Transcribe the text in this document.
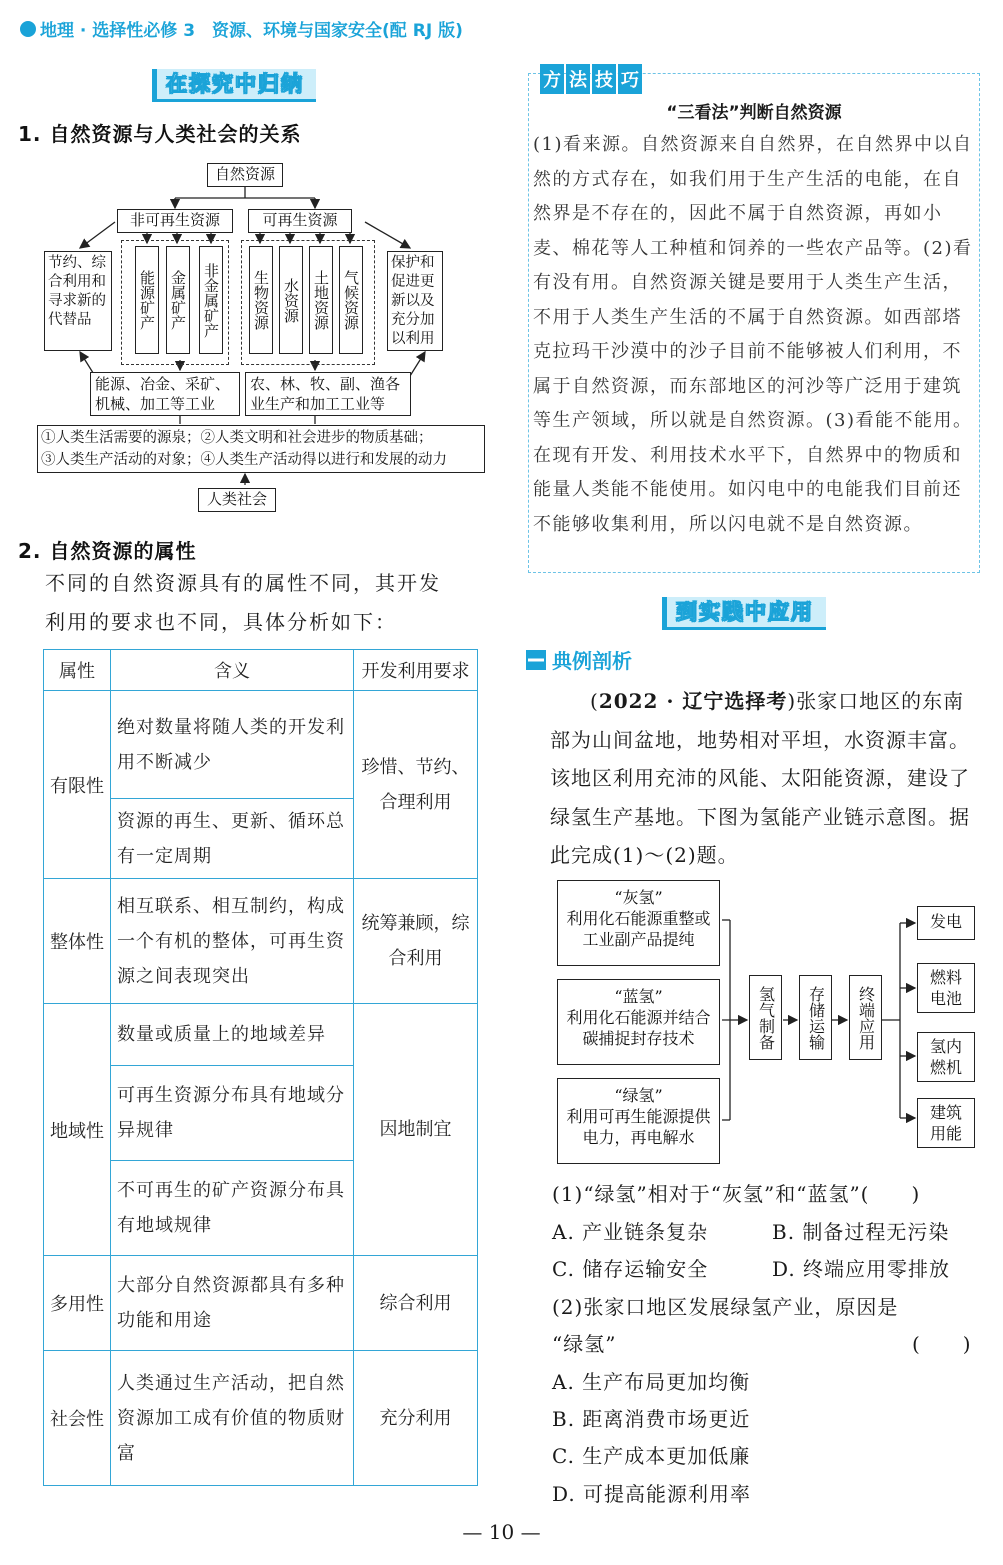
地理 · 选择性必修 3　资源、环境与国家安全(配 RJ 版)
在探究中归纳
1. 自然资源与人类社会的关系
自然资源
非可再生资源	可再生资源
节约、综合利用和寻求新的代替品
保护和促进更新以及充分加以利用
能源矿产 金属矿产 非金属矿产 生物资源 水资源 土地资源 气候资源
能源、冶金、采矿、机械、加工等工业
农、林、牧、副、渔各业生产和加工工业等
①人类生活需要的源泉；②人类文明和社会进步的物质基础；
③人类生产活动的对象；④人类生产活动得以进行和发展的动力
人类社会
2. 自然资源的属性
不同的自然资源具有的属性不同，其开发
利用的要求也不同，具体分析如下：
属性	含义	开发利用要求
有限性	绝对数量将随人类的开发利用不断减少	珍惜、节约、合理利用
	资源的再生、更新、循环总有一定周期	
整体性	相互联系、相互制约，构成一个有机的整体，可再生资源之间表现突出	统筹兼顾，综合利用
地域性	数量或质量上的地域差异	因地制宜
	可再生资源分布具有地域分异规律	
	不可再生的矿产资源分布具有地域规律	
多用性	大部分自然资源都具有多种功能和用途	综合利用
社会性	人类通过生产活动，把自然资源加工成有价值的物质财富	充分利用
方 法 技 巧
“三看法”判断自然资源
(1)看来源。自然资源来自自然界，在自然界中以自然的方式存在，如我们用于生产生活的电能，在自然界是不存在的，因此不属于自然资源，再如小麦、棉花等人工种植和饲养的一些农产品等。(2)看有没有用。自然资源关键是要用于人类生产生活，不用于人类生产生活的不属于自然资源。如西部塔克拉玛干沙漠中的沙子目前不能够被人们利用，不属于自然资源，而东部地区的河沙等广泛用于建筑等生产领域，所以就是自然资源。(3)看能不能用。在现有开发、利用技术水平下，自然界中的物质和能量人类能不能使用。如闪电中的电能我们目前还不能够收集利用，所以闪电就不是自然资源。
到实践中应用
典例剖析
(2022 · 辽宁选择考)张家口地区的东南部为山间盆地，地势相对平坦，水资源丰富。该地区利用充沛的风能、太阳能资源，建设了绿氢生产基地。下图为氢能产业链示意图。据此完成(1)～(2)题。
“灰氢”
利用化石能源重整或工业副产品提纯
“蓝氢”
利用化石能源并结合碳捕捉封存技术
“绿氢”
利用可再生能源提供电力，再电解水
氢气制备	存储运输	终端应用
发电
燃料电池
氢内燃机
建筑用能
(1)“绿氢”相对于“灰氢”和“蓝氢”(　　)
A. 产业链条复杂	B. 制备过程无污染
C. 储存运输安全	D. 终端应用零排放
(2)张家口地区发展绿氢产业，原因是
“绿氢”	(　　)
A. 生产布局更加均衡
B. 距离消费市场更近
C. 生产成本更加低廉
D. 可提高能源利用率
— 10 —
